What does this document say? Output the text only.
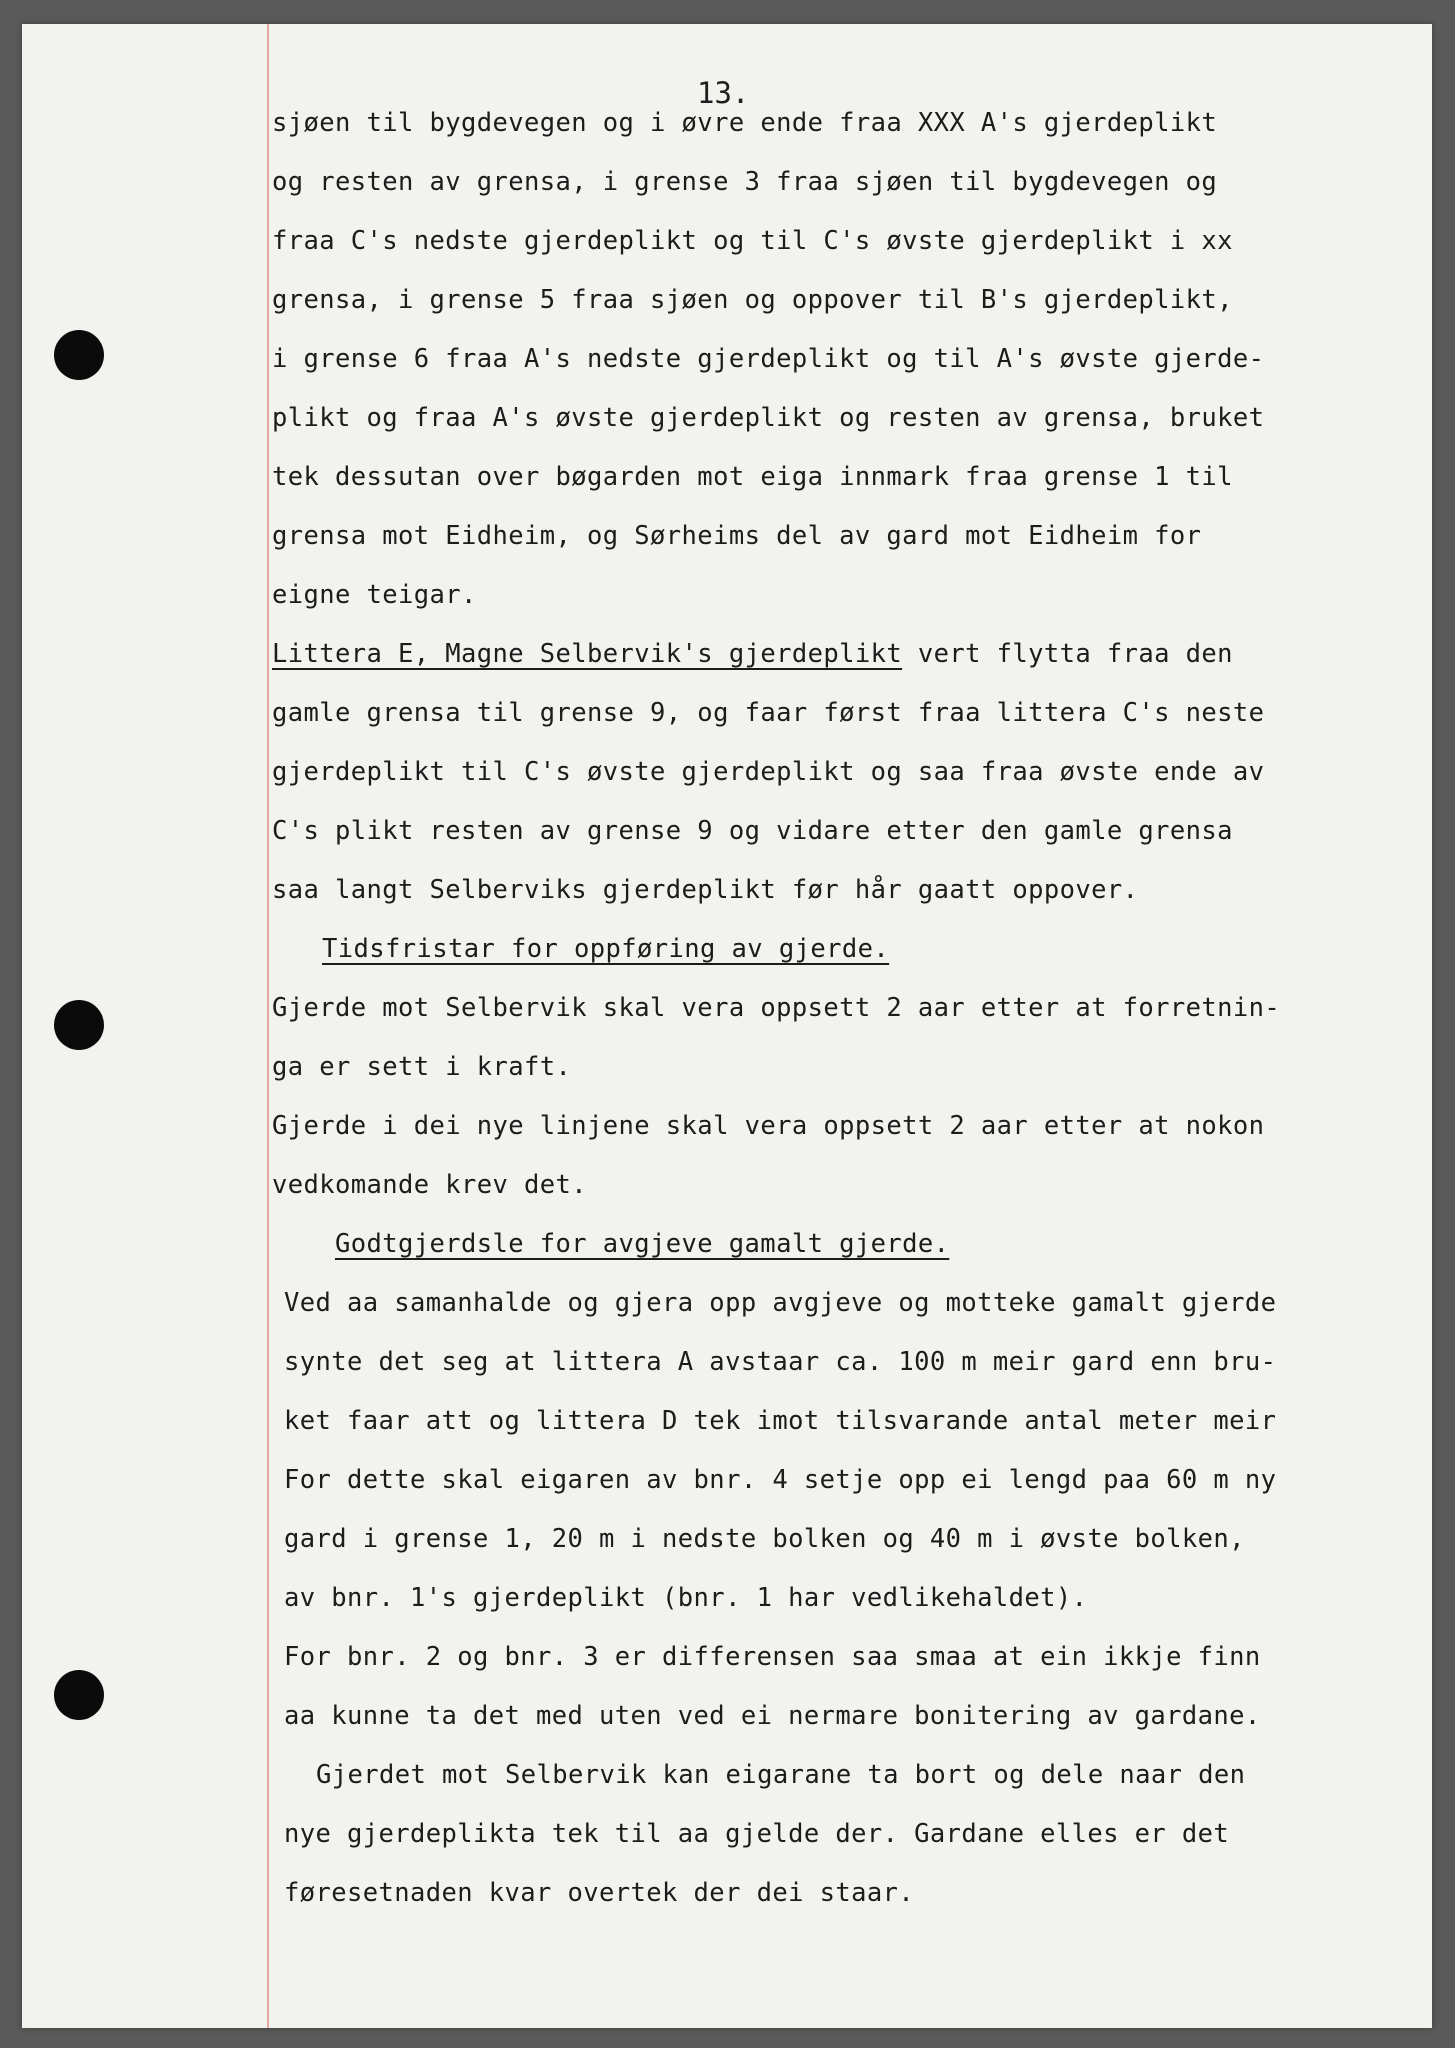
13.
sjøen til bygdevegen og i øvre ende fraa XXX A's gjerdeplikt
og resten av grensa, i grense 3 fraa sjøen til bygdevegen og
fraa C's nedste gjerdeplikt og til C's øvste gjerdeplikt i xx
grensa, i grense 5 fraa sjøen og oppover til B's gjerdeplikt,
i grense 6 fraa A's nedste gjerdeplikt og til A's øvste gjerde-
plikt og fraa A's øvste gjerdeplikt og resten av grensa, bruket
tek dessutan over bøgarden mot eiga innmark fraa grense 1 til
grensa mot Eidheim, og Sørheims del av gard mot Eidheim for
eigne teigar.
Littera E, Magne Selbervik's gjerdeplikt vert flytta fraa den
gamle grensa til grense 9, og faar først fraa littera C's neste
gjerdeplikt til C's øvste gjerdeplikt og saa fraa øvste ende av
C's plikt resten av grense 9 og vidare etter den gamle grensa
saa langt Selberviks gjerdeplikt før hår gaatt oppover.
Tidsfristar for oppføring av gjerde.
Gjerde mot Selbervik skal vera oppsett 2 aar etter at forretnin-
ga er sett i kraft.
Gjerde i dei nye linjene skal vera oppsett 2 aar etter at nokon
vedkomande krev det.
Godtgjerdsle for avgjeve gamalt gjerde.
Ved aa samanhalde og gjera opp avgjeve og motteke gamalt gjerde
synte det seg at littera A avstaar ca. 100 m meir gard enn bru-
ket faar att og littera D tek imot tilsvarande antal meter meir
For dette skal eigaren av bnr. 4 setje opp ei lengd paa 60 m ny
gard i grense 1, 20 m i nedste bolken og 40 m i øvste bolken,
av bnr. 1's gjerdeplikt (bnr. 1 har vedlikehaldet).
For bnr. 2 og bnr. 3 er differensen saa smaa at ein ikkje finn
aa kunne ta det med uten ved ei nermare bonitering av gardane.
Gjerdet mot Selbervik kan eigarane ta bort og dele naar den
nye gjerdeplikta tek til aa gjelde der. Gardane elles er det
føresetnaden kvar overtek der dei staar.
